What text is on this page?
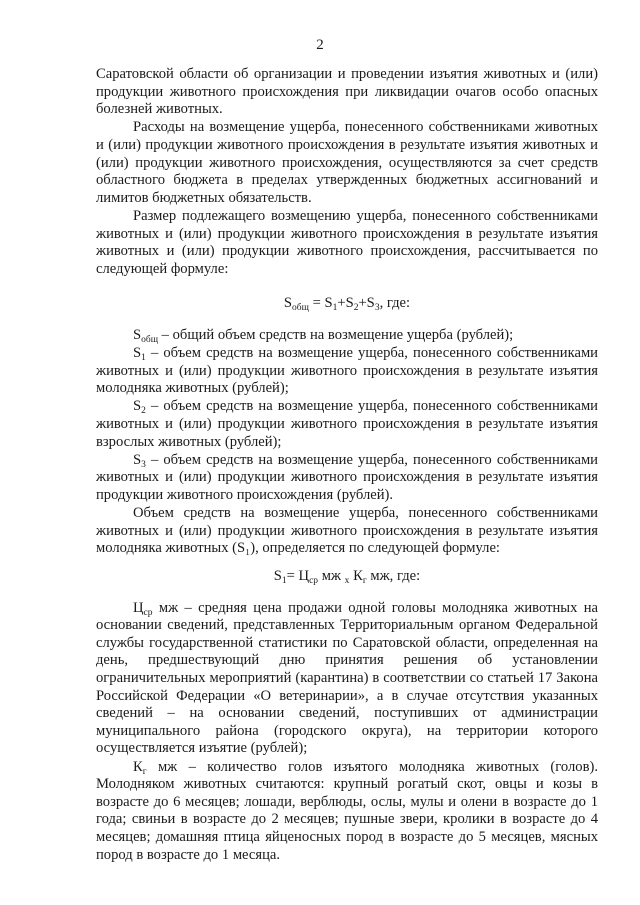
2

Саратовской области об организации и проведении изъятия животных и (или) продукции животного происхождения при ликвидации очагов особо опасных болезней животных.

Расходы на возмещение ущерба, понесенного собственниками животных и (или) продукции животного происхождения в результате изъятия животных и (или) продукции животного происхождения, осуществляются за счет средств областного бюджета в пределах утвержденных бюджетных ассигнований и лимитов бюджетных обязательств.

Размер подлежащего возмещению ущерба, понесенного собственниками животных и (или) продукции животного происхождения в результате изъятия животных и (или) продукции животного происхождения, рассчитывается по следующей формуле:

$S_{общ} = S_1+S_2+S_3$, где:

$S_{общ}$ – общий объем средств на возмещение ущерба (рублей);

$S_1$ – объем средств на возмещение ущерба, понесенного собственниками животных и (или) продукции животного происхождения в результате изъятия молодняка животных (рублей);

$S_2$ – объем средств на возмещение ущерба, понесенного собственниками животных и (или) продукции животного происхождения в результате изъятия взрослых животных (рублей);

$S_3$ – объем средств на возмещение ущерба, понесенного собственниками животных и (или) продукции животного происхождения в результате изъятия продукции животного происхождения (рублей).

Объем средств на возмещение ущерба, понесенного собственниками животных и (или) продукции животного происхождения в результате изъятия молодняка животных (S₁), определяется по следующей формуле:

$S_1= Ц_{ср}$ мж $_х$ $К_г$ мж, где:

$Ц_{ср}$ мж – средняя цена продажи одной головы молодняка животных на основании сведений, представленных Территориальным органом Федеральной службы государственной статистики по Саратовской области, определенная на день, предшествующий дню принятия решения об установлении ограничительных мероприятий (карантина) в соответствии со статьей 17 Закона Российской Федерации «О ветеринарии», а в случае отсутствия указанных сведений – на основании сведений, поступивших от администрации муниципального района (городского округа), на территории которого осуществляется изъятие (рублей);

$К_г$ мж – количество голов изъятого молодняка животных (голов). Молодняком животных считаются: крупный рогатый скот, овцы и козы в возрасте до 6 месяцев; лошади, верблюды, ослы, мулы и олени в возрасте до 1 года; свиньи в возрасте до 2 месяцев; пушные звери, кролики в возрасте до 4 месяцев; домашняя птица яйценосных пород в возрасте до 5 месяцев, мясных пород в возрасте до 1 месяца.
